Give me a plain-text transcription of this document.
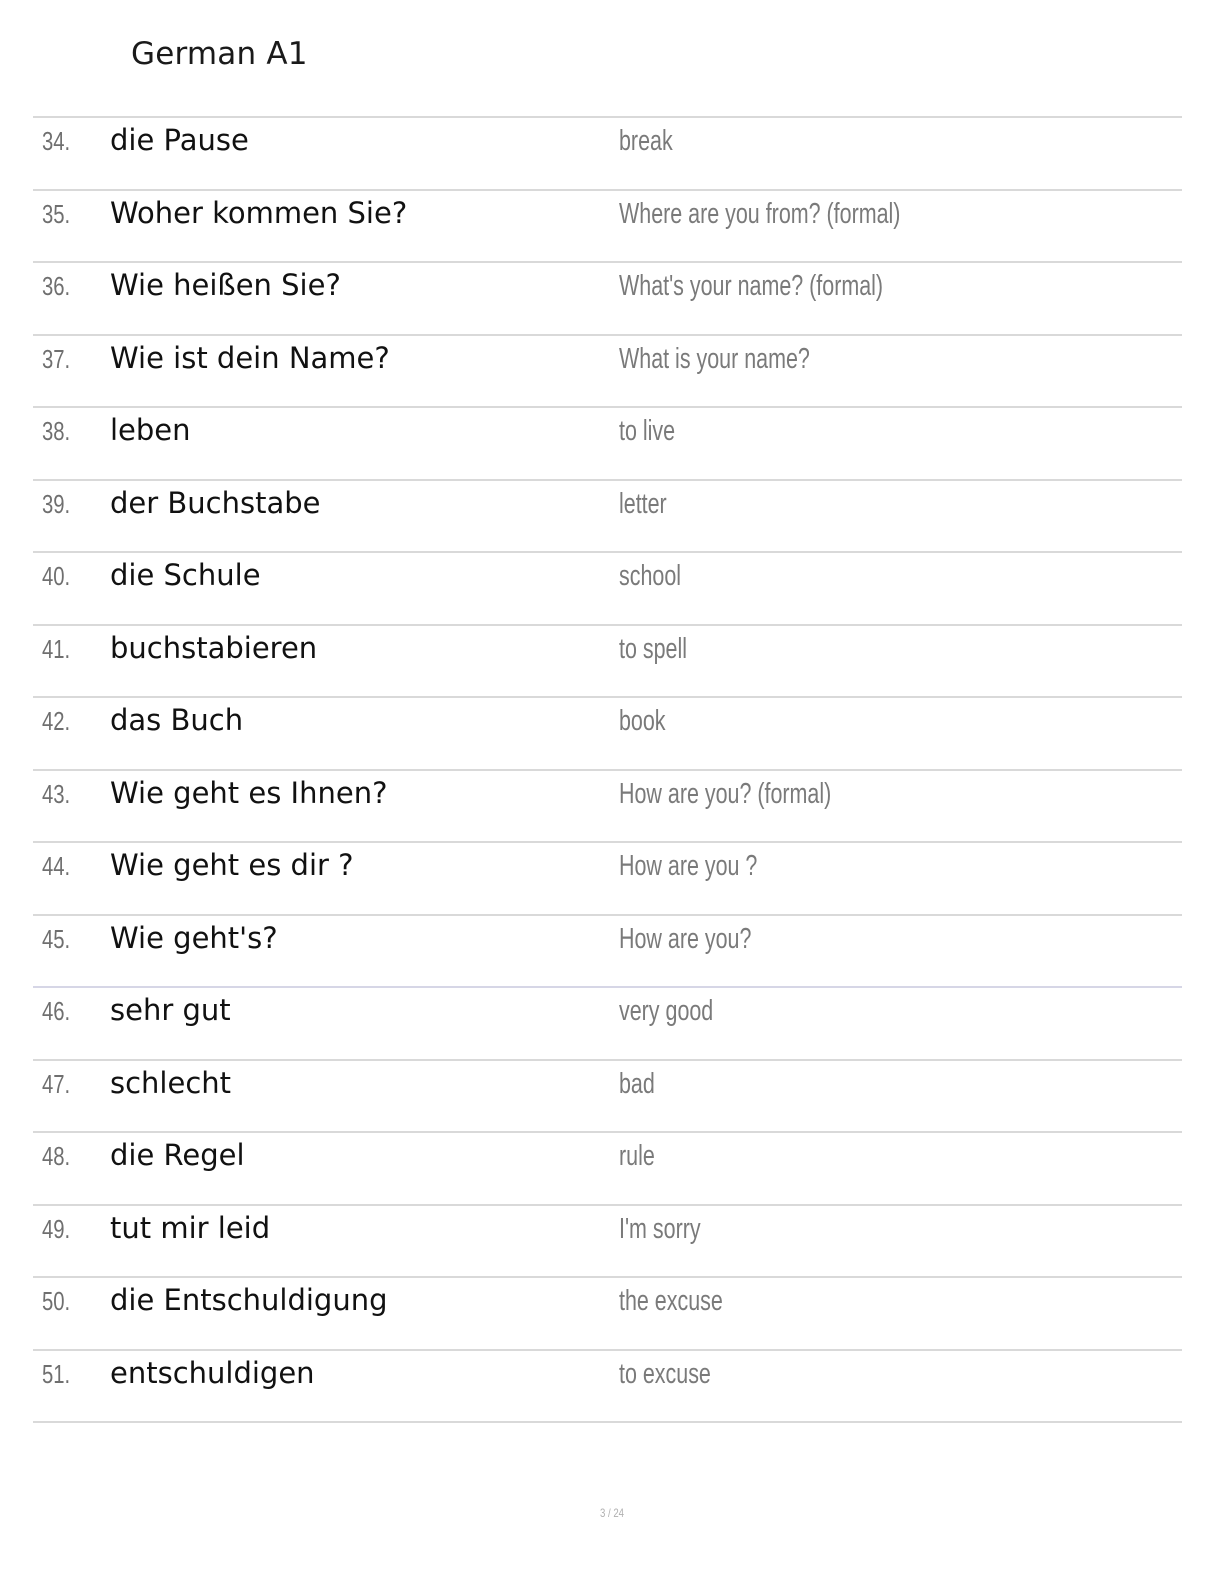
German A1
34. die Pause	break
35. Woher kommen Sie?	Where are you from? (formal)
36. Wie heißen Sie?	What's your name? (formal)
37. Wie ist dein Name?	What is your name?
38. leben	to live
39. der Buchstabe	letter
40. die Schule	school
41. buchstabieren	to spell
42. das Buch	book
43. Wie geht es Ihnen?	How are you? (formal)
44. Wie geht es dir ?	How are you ?
45. Wie geht's?	How are you?
46. sehr gut	very good
47. schlecht	bad
48. die Regel	rule
49. tut mir leid	I'm sorry
50. die Entschuldigung	the excuse
51. entschuldigen	to excuse
3 / 24
